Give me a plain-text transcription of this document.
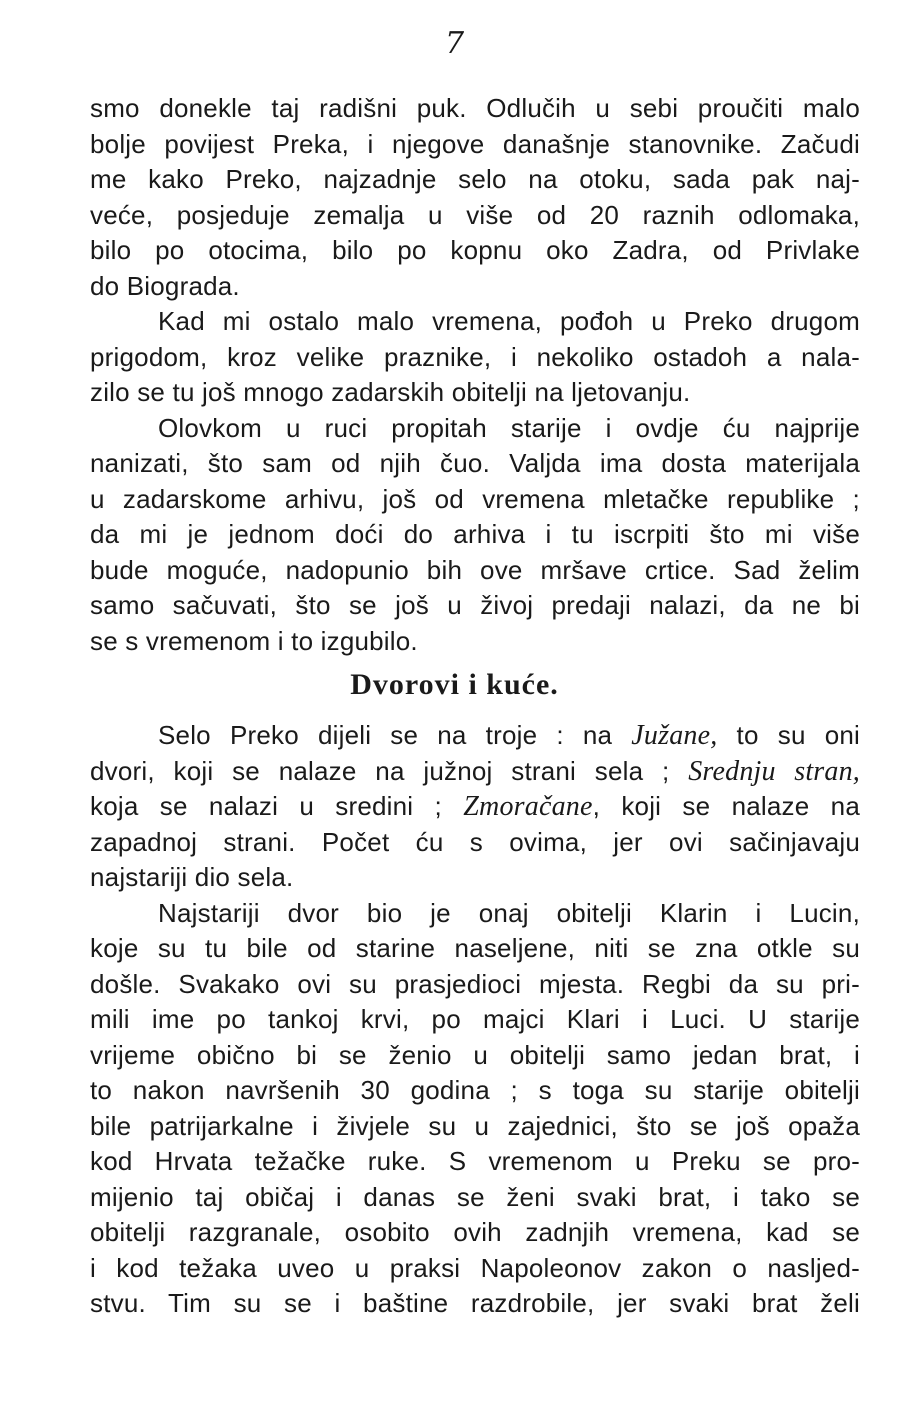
7
smo donekle taj radišni puk. Odlučih u sebi proučiti malo
bolje povijest Preka, i njegove današnje stanovnike. Začudi
me kako Preko, najzadnje selo na otoku, sada pak naj-
veće, posjeduje zemalja u više od 20 raznih odlomaka,
bilo po otocima, bilo po kopnu oko Zadra, od Privlake
do Biograda.
Kad mi ostalo malo vremena, pođoh u Preko drugom
prigodom, kroz velike praznike, i nekoliko ostadoh a nala-
zilo se tu još mnogo zadarskih obitelji na ljetovanju.
Olovkom u ruci propitah starije i ovdje ću najprije
nanizati, što sam od njih čuo. Valjda ima dosta materijala
u zadarskome arhivu, još od vremena mletačke republike ;
da mi je jednom doći do arhiva i tu iscrpiti što mi više
bude moguće, nadopunio bih ove mršave crtice. Sad želim
samo sačuvati, što se još u živoj predaji nalazi, da ne bi
se s vremenom i to izgubilo.
Dvorovi i kuće.
Selo Preko dijeli se na troje : na Južane, to su oni
dvori, koji se nalaze na južnoj strani sela ; Srednju stran,
koja se nalazi u sredini ; Zmoračane, koji se nalaze na
zapadnoj strani. Počet ću s ovima, jer ovi sačinjavaju
najstariji dio sela.
Najstariji dvor bio je onaj obitelji Klarin i Lucin,
koje su tu bile od starine naseljene, niti se zna otkle su
došle. Svakako ovi su prasjedioci mjesta. Regbi da su pri-
mili ime po tankoj krvi, po majci Klari i Luci. U starije
vrijeme obično bi se ženio u obitelji samo jedan brat, i
to nakon navršenih 30 godina ; s toga su starije obitelji
bile patrijarkalne i živjele su u zajednici, što se još opaža
kod Hrvata težačke ruke. S vremenom u Preku se pro-
mijenio taj običaj i danas se ženi svaki brat, i tako se
obitelji razgranale, osobito ovih zadnjih vremena, kad se
i kod težaka uveo u praksi Napoleonov zakon o nasljed-
stvu. Tim su se i baštine razdrobile, jer svaki brat želi
